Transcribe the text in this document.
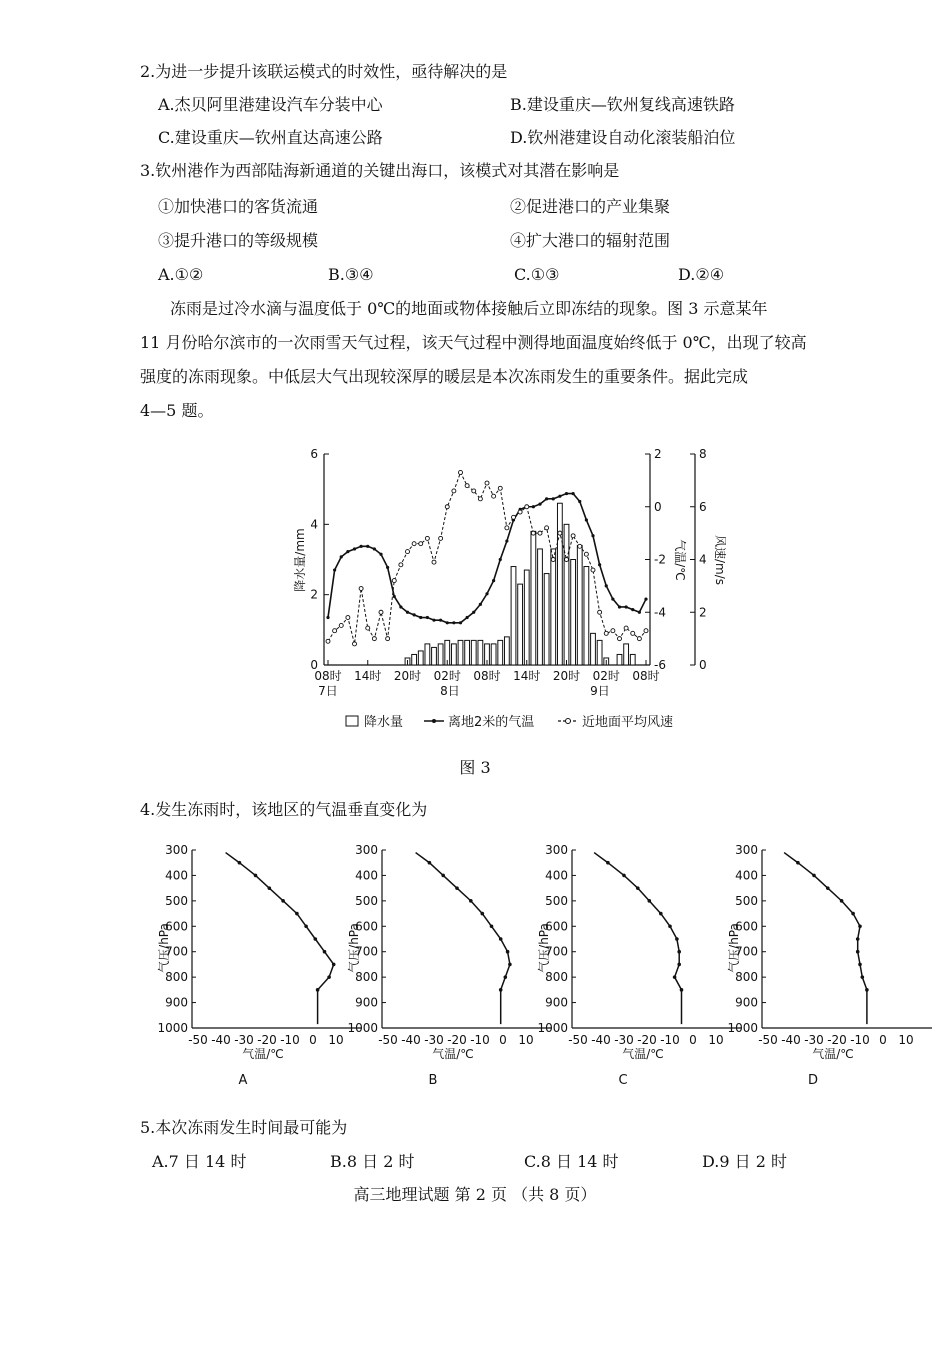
2.为进一步提升该联运模式的时效性，亟待解决的是
A.杰贝阿里港建设汽车分装中心	B.建设重庆—钦州复线高速铁路
C.建设重庆—钦州直达高速公路	D.钦州港建设自动化滚装船泊位
3.钦州港作为西部陆海新通道的关键出海口，该模式对其潜在影响是
①加快港口的客货流通	②促进港口的产业集聚
③提升港口的等级规模	④扩大港口的辐射范围
A.①②	B.③④	C.①③	D.②④
冻雨是过冷水滴与温度低于 0℃的地面或物体接触后立即冻结的现象。图 3 示意某年
11 月份哈尔滨市的一次雨雪天气过程，该天气过程中测得地面温度始终低于 0℃，出现了较高
强度的冻雨现象。中低层大气出现较深厚的暖层是本次冻雨发生的重要条件。据此完成
4—5 题。
0
2
4
6
-6
-4
-2
0
2
0
2
4
6
8
08时 14时 20时 02时 08时 14时 20时 02时 08时
降水量/mm	气温/℃ 风速/m/s
7日	8日	9日
降水量	离地2米的气温	近地面平均风速
图 3
4.发生冻雨时，该地区的气温垂直变化为
300
400
500
600
700
800
900
1000
-50 -40 -30 -20 -10 0 10
气压/hPa
气温/℃
A
300
400
500
600
700
800
900
1000
-50 -40 -30 -20 -10 0 10
气压/hPa
气温/℃
B
300
400
500
600
700
800
900
1000
-50 -40 -30 -20 -10 0 10
气压/hPa
气温/℃
C
300
400
500
600
700
800
900
1000
-50 -40 -30 -20 -10 0 10
气压/hPa
气温/℃
D
5.本次冻雨发生时间最可能为
A.7 日 14 时	B.8 日 2 时	C.8 日 14 时	D.9 日 2 时
高三地理试题 第 2 页 （共 8 页）
